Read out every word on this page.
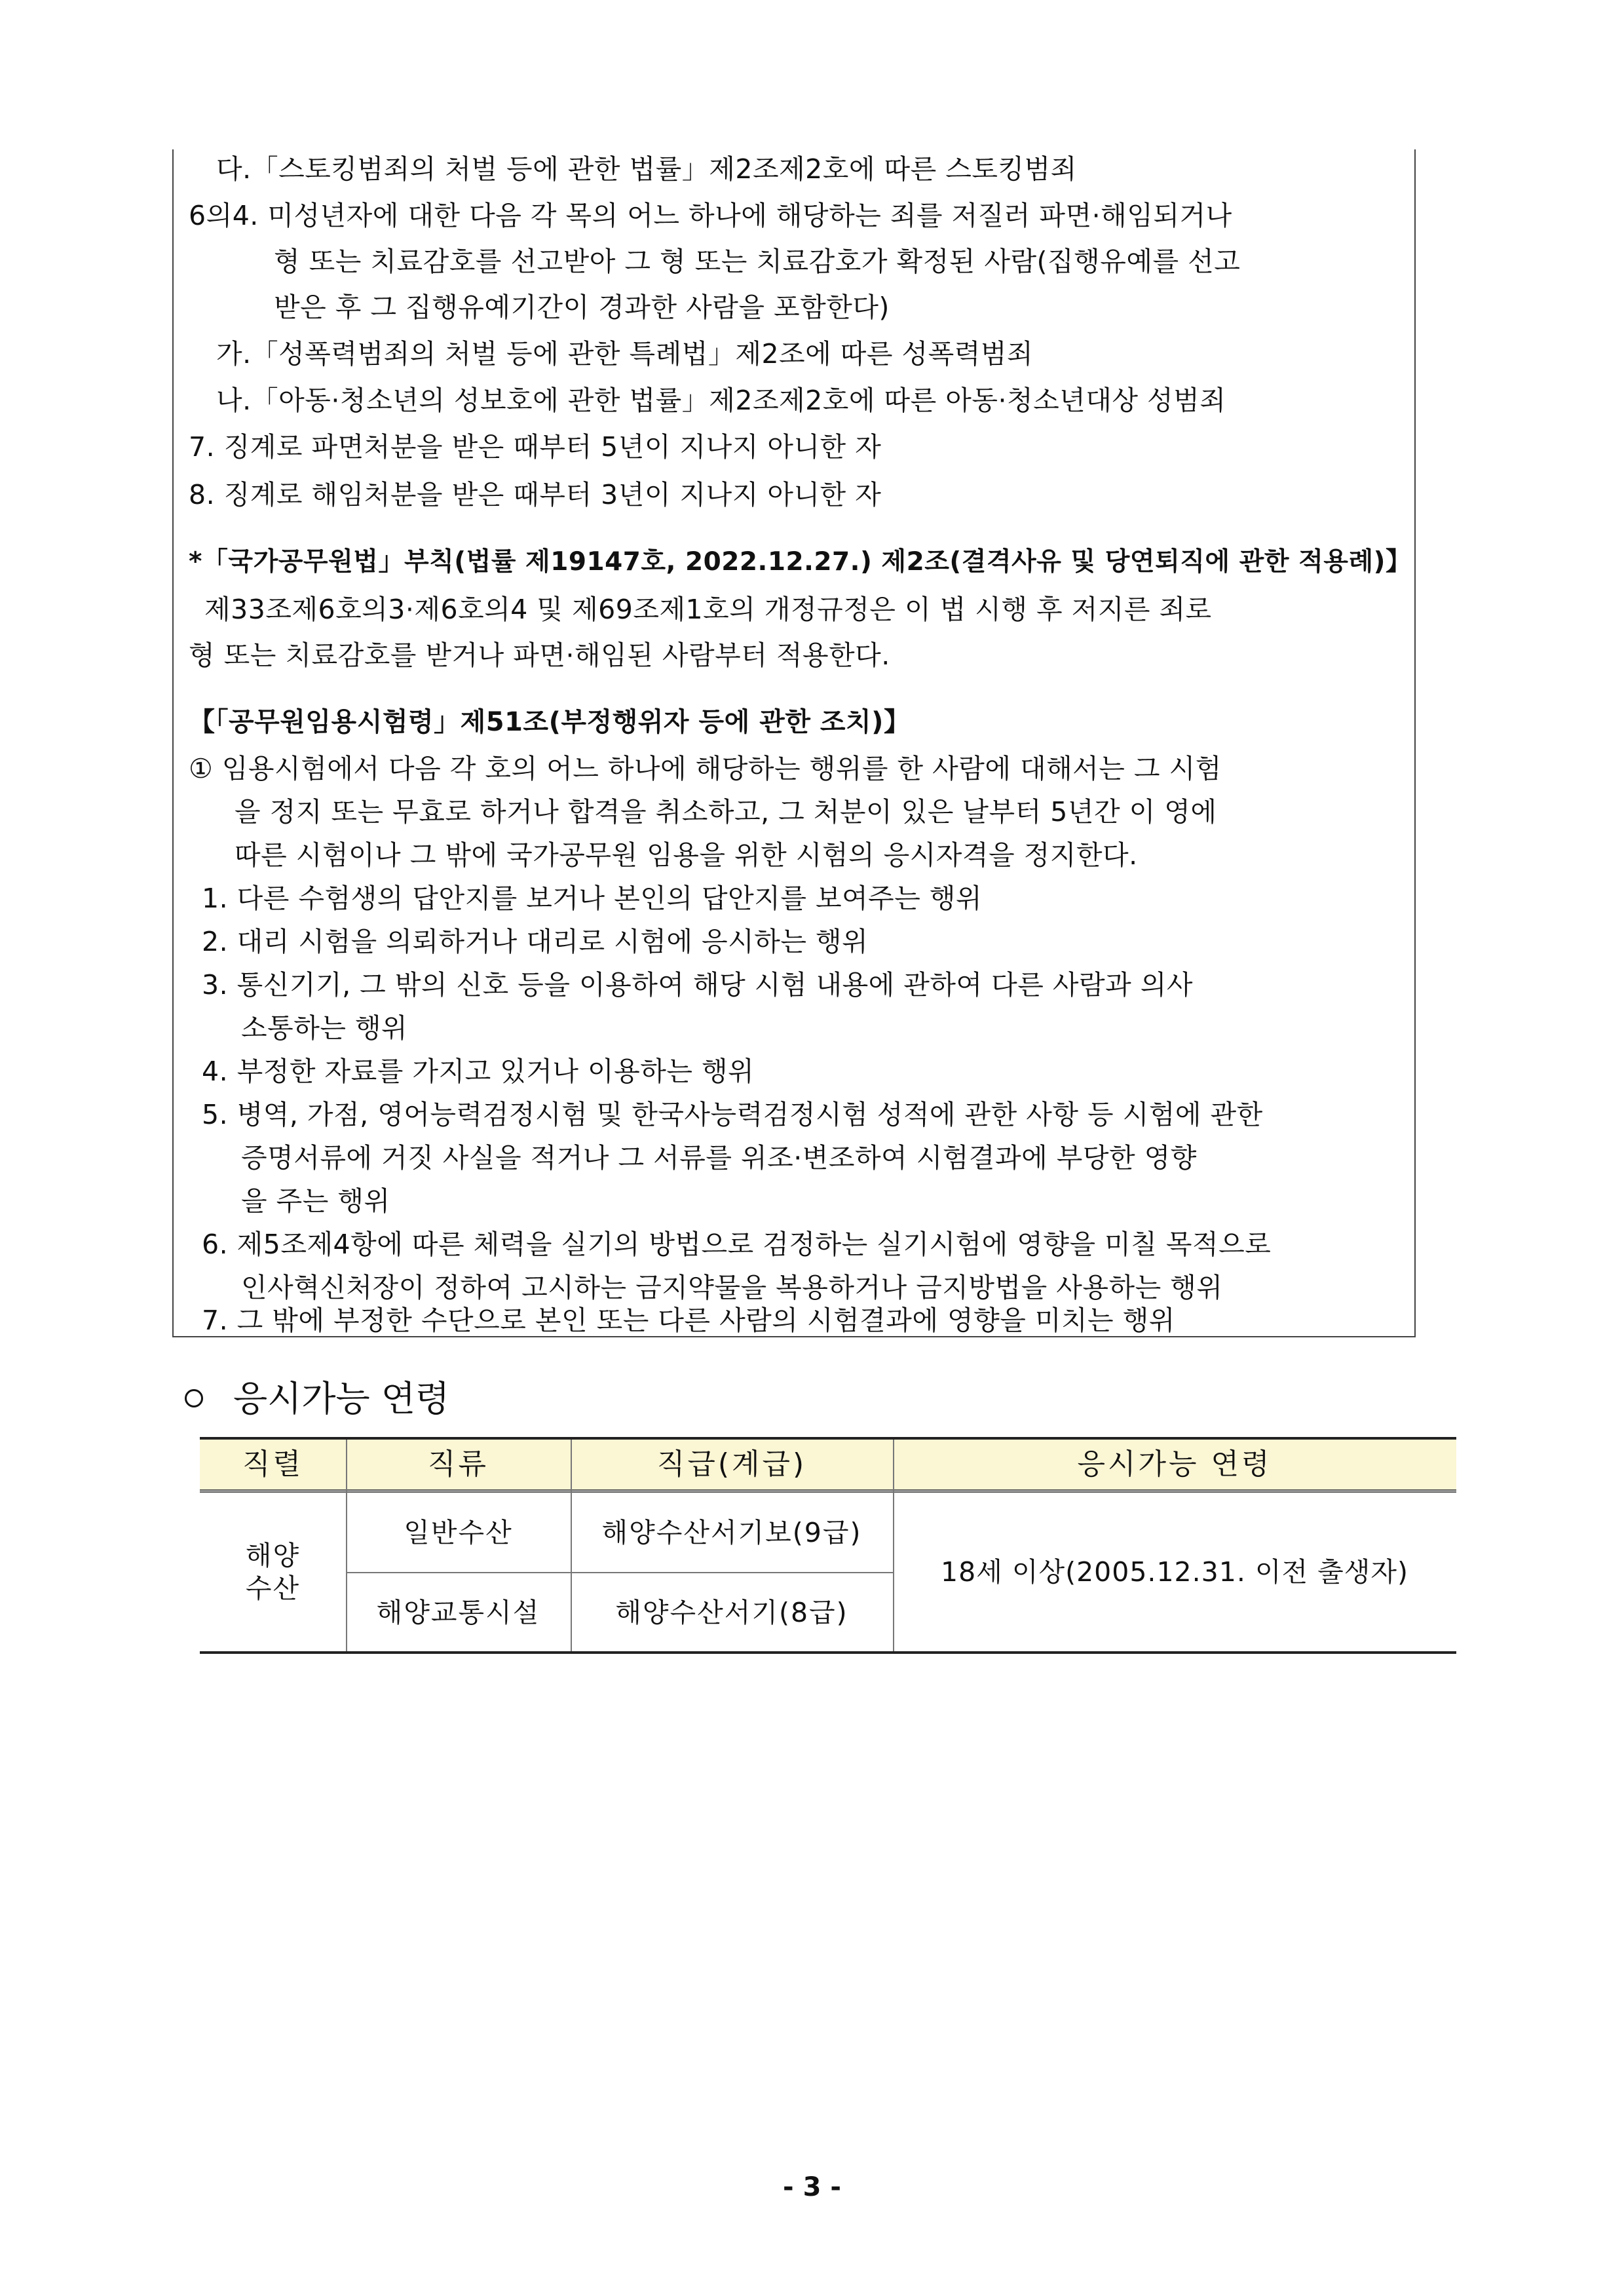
다.「스토킹범죄의 처벌 등에 관한 법률」제2조제2호에 따른 스토킹범죄
6의4. 미성년자에 대한 다음 각 목의 어느 하나에 해당하는 죄를 저질러 파면·해임되거나
형 또는 치료감호를 선고받아 그 형 또는 치료감호가 확정된 사람(집행유예를 선고
받은 후 그 집행유예기간이 경과한 사람을 포함한다)
가.「성폭력범죄의 처벌 등에 관한 특례법」제2조에 따른 성폭력범죄
나.「아동·청소년의 성보호에 관한 법률」제2조제2호에 따른 아동·청소년대상 성범죄
7. 징계로 파면처분을 받은 때부터 5년이 지나지 아니한 자
8. 징계로 해임처분을 받은 때부터 3년이 지나지 아니한 자
*「국가공무원법」부칙(법률 제19147호, 2022.12.27.) 제2조(결격사유 및 당연퇴직에 관한 적용례)】
제33조제6호의3·제6호의4 및 제69조제1호의 개정규정은 이 법 시행 후 저지른 죄로
형 또는 치료감호를 받거나 파면·해임된 사람부터 적용한다.
【「공무원임용시험령」제51조(부정행위자 등에 관한 조치)】
① 임용시험에서 다음 각 호의 어느 하나에 해당하는 행위를 한 사람에 대해서는 그 시험
을 정지 또는 무효로 하거나 합격을 취소하고, 그 처분이 있은 날부터 5년간 이 영에
따른 시험이나 그 밖에 국가공무원 임용을 위한 시험의 응시자격을 정지한다.
1. 다른 수험생의 답안지를 보거나 본인의 답안지를 보여주는 행위
2. 대리 시험을 의뢰하거나 대리로 시험에 응시하는 행위
3. 통신기기, 그 밖의 신호 등을 이용하여 해당 시험 내용에 관하여 다른 사람과 의사
소통하는 행위
4. 부정한 자료를 가지고 있거나 이용하는 행위
5. 병역, 가점, 영어능력검정시험 및 한국사능력검정시험 성적에 관한 사항 등 시험에 관한
증명서류에 거짓 사실을 적거나 그 서류를 위조·변조하여 시험결과에 부당한 영향
을 주는 행위
6. 제5조제4항에 따른 체력을 실기의 방법으로 검정하는 실기시험에 영향을 미칠 목적으로
인사혁신처장이 정하여 고시하는 금지약물을 복용하거나 금지방법을 사용하는 행위
7. 그 밖에 부정한 수단으로 본인 또는 다른 사람의 시험결과에 영향을 미치는 행위
응시가능 연령
직렬	직류	직급(계급)	응시가능 연령
해양
수산
일반수산	해양수산서기보(9급)
해양교통시설	해양수산서기(8급)
18세 이상(2005.12.31. 이전 출생자)
- 3 -
